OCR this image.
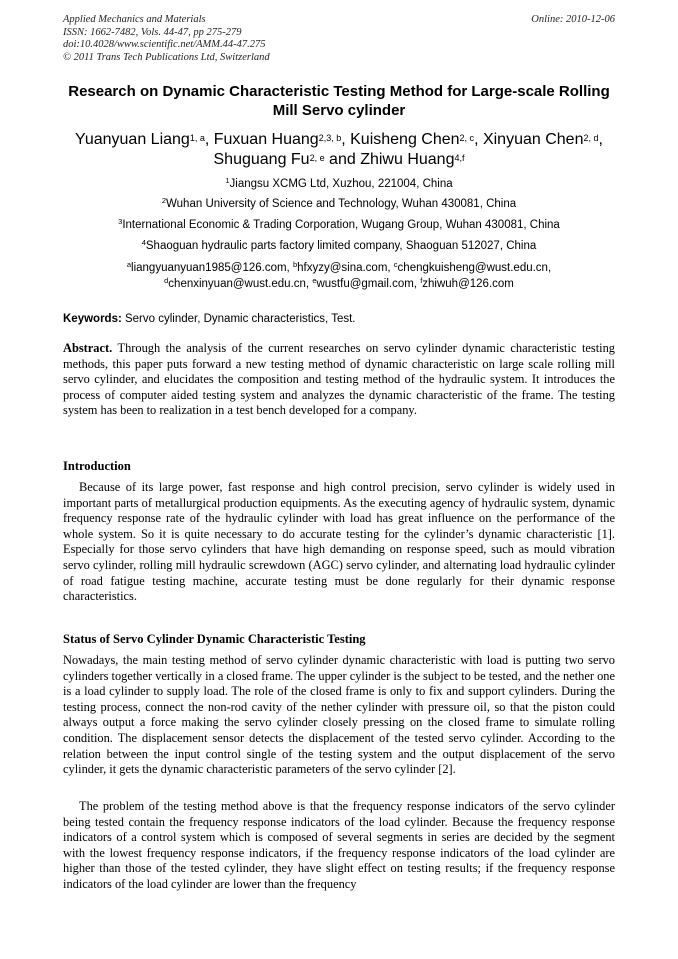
Applied Mechanics and Materials
ISSN: 1662-7482, Vols. 44-47, pp 275-279
doi:10.4028/www.scientific.net/AMM.44-47.275
© 2011 Trans Tech Publications Ltd, Switzerland
Online: 2010-12-06
Research on Dynamic Characteristic Testing Method for Large-scale Rolling Mill Servo cylinder
Yuanyuan Liang$^{1, a}$, Fuxuan Huang$^{2,3, b}$, Kuisheng Chen$^{2, c}$, Xinyuan Chen$^{2, d}$,
Shuguang Fu$^{2, e}$ and Zhiwu Huang$^{4,f}$
$^1$Jiangsu XCMG Ltd, Xuzhou, 221004, China
$^2$Wuhan University of Science and Technology, Wuhan 430081, China
$^3$International Economic & Trading Corporation, Wugang Group, Wuhan 430081, China
$^4$Shaoguan hydraulic parts factory limited company, Shaoguan 512027, China
$^a$liangyuanyuan1985@126.com, $^b$hfxyzy@sina.com, $^c$chengkuisheng@wust.edu.cn,
$^d$chenxinyuan@wust.edu.cn, $^e$wustfu@gmail.com, $^f$zhiwuh@126.com
Keywords: Servo cylinder, Dynamic characteristics, Test.
Abstract. Through the analysis of the current researches on servo cylinder dynamic characteristic testing methods, this paper puts forward a new testing method of dynamic characteristic on large scale rolling mill servo cylinder, and elucidates the composition and testing method of the hydraulic system. It introduces the process of computer aided testing system and analyzes the dynamic characteristic of the frame. The testing system has been to realization in a test bench developed for a company.
Introduction
Because of its large power, fast response and high control precision, servo cylinder is widely used in important parts of metallurgical production equipments. As the executing agency of hydraulic system, dynamic frequency response rate of the hydraulic cylinder with load has great influence on the performance of the whole system. So it is quite necessary to do accurate testing for the cylinder’s dynamic characteristic [1]. Especially for those servo cylinders that have high demanding on response speed, such as mould vibration servo cylinder, rolling mill hydraulic screwdown (AGC) servo cylinder, and alternating load hydraulic cylinder of road fatigue testing machine, accurate testing must be done regularly for their dynamic response characteristics.
Status of Servo Cylinder Dynamic Characteristic Testing
Nowadays, the main testing method of servo cylinder dynamic characteristic with load is putting two servo cylinders together vertically in a closed frame. The upper cylinder is the subject to be tested, and the nether one is a load cylinder to supply load. The role of the closed frame is only to fix and support cylinders. During the testing process, connect the non-rod cavity of the nether cylinder with pressure oil, so that the piston could always output a force making the servo cylinder closely pressing on the closed frame to simulate rolling condition. The displacement sensor detects the displacement of the tested servo cylinder. According to the relation between the input control single of the testing system and the output displacement of the servo cylinder, it gets the dynamic characteristic parameters of the servo cylinder [2].
The problem of the testing method above is that the frequency response indicators of the servo cylinder being tested contain the frequency response indicators of the load cylinder. Because the frequency response indicators of a control system which is composed of several segments in series are decided by the segment with the lowest frequency response indicators, if the frequency response indicators of the load cylinder are higher than those of the tested cylinder, they have slight effect on testing results; if the frequency response indicators of the load cylinder are lower than the frequency
